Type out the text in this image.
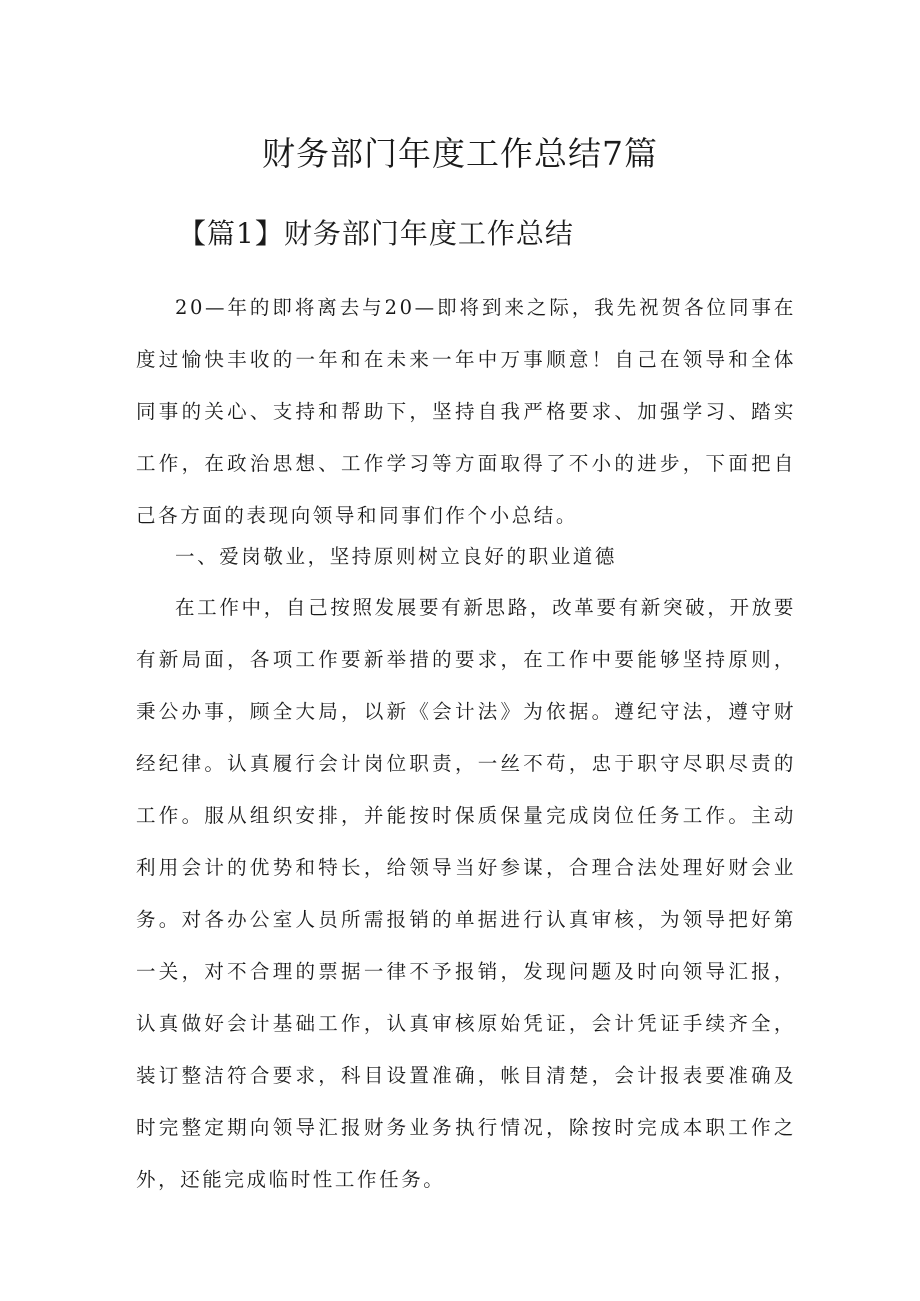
财务部门年度工作总结7篇
【篇1】财务部门年度工作总结

20—年的即将离去与20—即将到来之际，我先祝贺各位同事在度过愉快丰收的一年和在未来一年中万事顺意！自己在领导和全体同事的关心、支持和帮助下，坚持自我严格要求、加强学习、踏实工作，在政治思想、工作学习等方面取得了不小的进步，下面把自己各方面的表现向领导和同事们作个小总结。

一、爱岗敬业，坚持原则树立良好的职业道德

在工作中，自己按照发展要有新思路，改革要有新突破，开放要有新局面，各项工作要新举措的要求，在工作中要能够坚持原则，秉公办事，顾全大局，以新《会计法》为依据。遵纪守法，遵守财经纪律。认真履行会计岗位职责，一丝不苟，忠于职守尽职尽责的工作。服从组织安排，并能按时保质保量完成岗位任务工作。主动利用会计的优势和特长，给领导当好参谋，合理合法处理好财会业务。对各办公室人员所需报销的单据进行认真审核，为领导把好第一关，对不合理的票据一律不予报销，发现问题及时向领导汇报，认真做好会计基础工作，认真审核原始凭证，会计凭证手续齐全，装订整洁符合要求，科目设置准确，帐目清楚，会计报表要准确及时完整定期向领导汇报财务业务执行情况，除按时完成本职工作之外，还能完成临时性工作任务。
